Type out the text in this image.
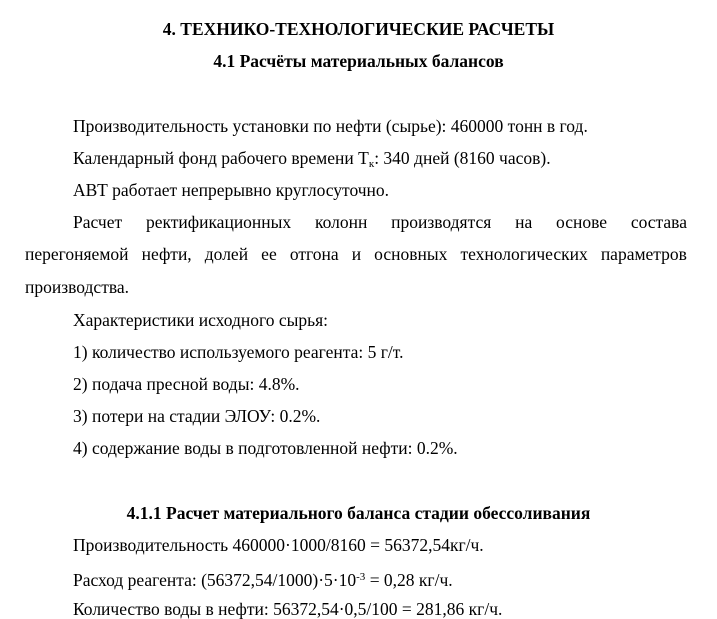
4. ТЕХНИКО-ТЕХНОЛОГИЧЕСКИЕ РАСЧЕТЫ
4.1 Расчёты материальных балансов
Производительность установки по нефти (сырье): 460000 тонн в год.
Календарный фонд рабочего времени $T_к$: 340 дней (8160 часов).
АВТ работает непрерывно круглосуточно.
Расчет ректификационных колонн производятся на основе состава
перегоняемой нефти, долей ее отгона и основных технологических параметров
производства.
Характеристики исходного сырья:
1) количество используемого реагента: 5 г/т.
2) подача пресной воды: 4.8%.
3) потери на стадии ЭЛОУ: 0.2%.
4) содержание воды в подготовленной нефти: 0.2%.
4.1.1 Расчет материального баланса стадии обессоливания
Производительность 460000·1000/8160 = 56372,54кг/ч.
Расход реагента: $(56372,54/1000)\cdot 5\cdot 10^{-3} = 0,28$ кг/ч.
Количество воды в нефти: 56372,54·0,5/100 = 281,86 кг/ч.
